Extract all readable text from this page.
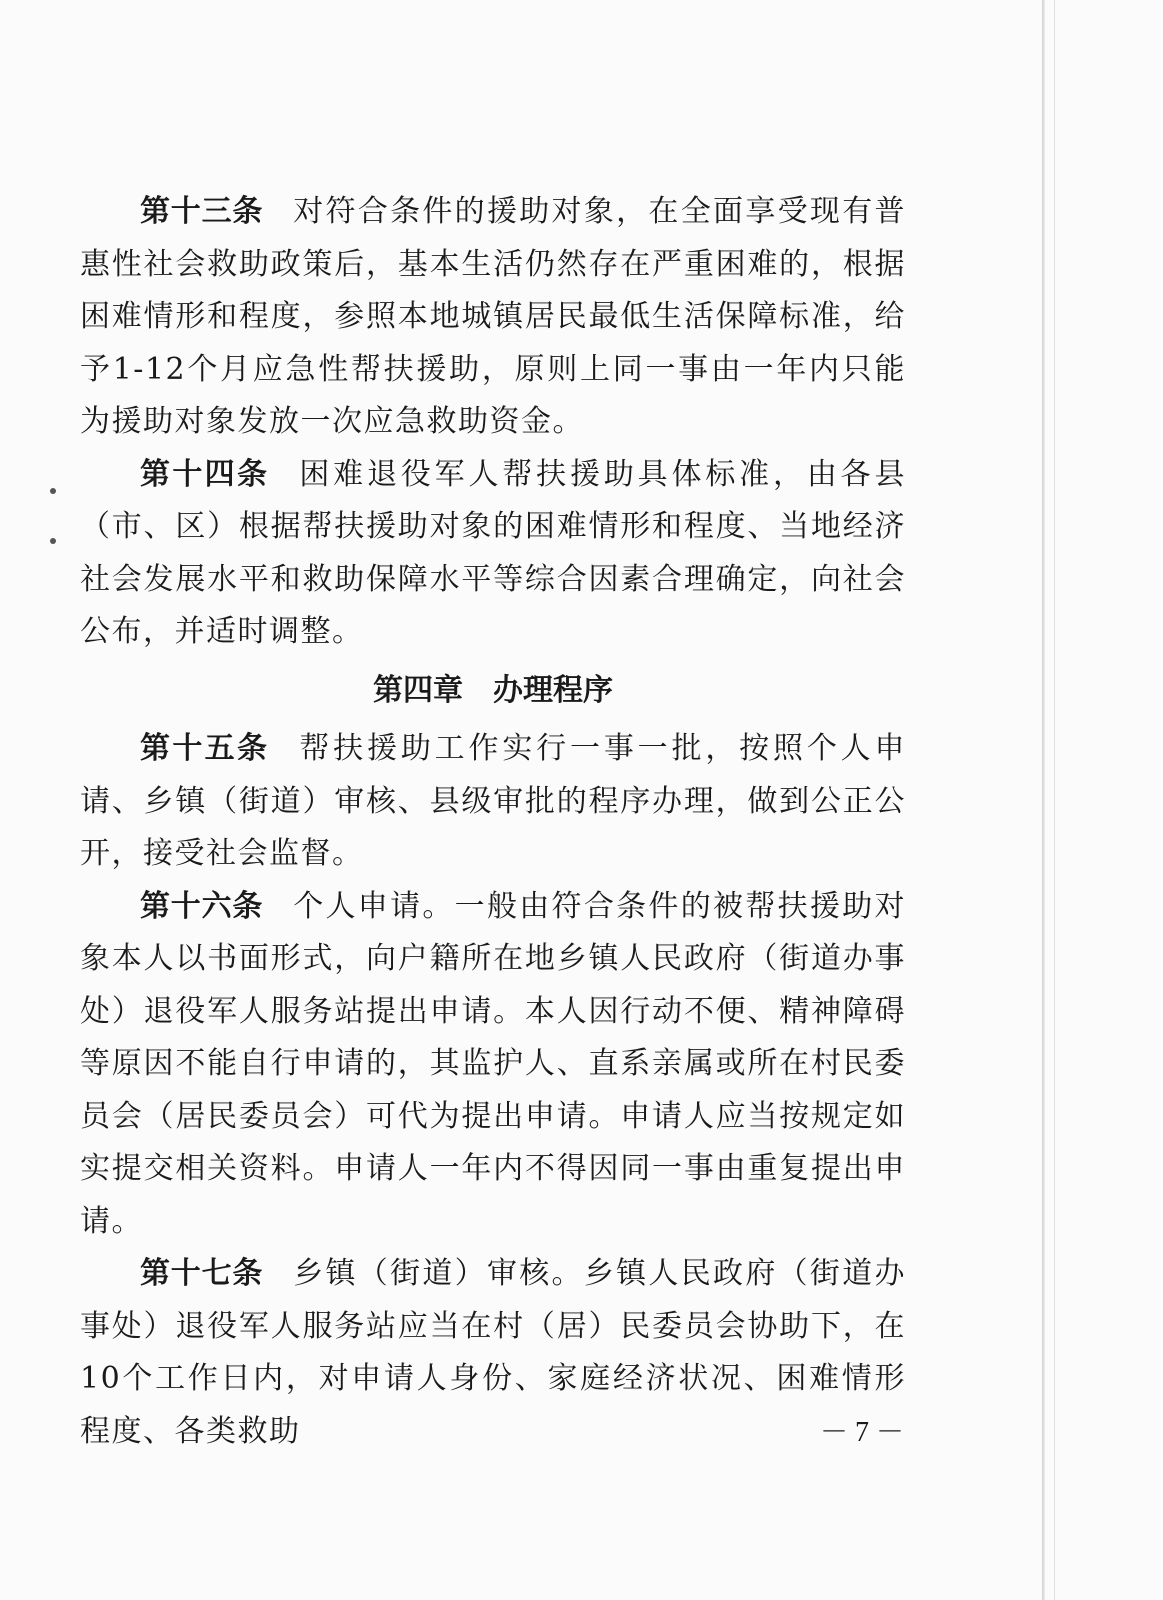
第十三条 对符合条件的援助对象，在全面享受现有普惠性社会救助政策后，基本生活仍然存在严重困难的，根据困难情形和程度，参照本地城镇居民最低生活保障标准，给予1-12个月应急性帮扶援助，原则上同一事由一年内只能为援助对象发放一次应急救助资金。

第十四条 困难退役军人帮扶援助具体标准，由各县（市、区）根据帮扶援助对象的困难情形和程度、当地经济社会发展水平和救助保障水平等综合因素合理确定，向社会公布，并适时调整。

第四章 办理程序

第十五条 帮扶援助工作实行一事一批，按照个人申请、乡镇（街道）审核、县级审批的程序办理，做到公正公开，接受社会监督。

第十六条 个人申请。一般由符合条件的被帮扶援助对象本人以书面形式，向户籍所在地乡镇人民政府（街道办事处）退役军人服务站提出申请。本人因行动不便、精神障碍等原因不能自行申请的，其监护人、直系亲属或所在村民委员会（居民委员会）可代为提出申请。申请人应当按规定如实提交相关资料。申请人一年内不得因同一事由重复提出申请。

第十七条 乡镇（街道）审核。乡镇人民政府（街道办事处）退役军人服务站应当在村（居）民委员会协助下，在10个工作日内，对申请人身份、家庭经济状况、困难情形程度、各类救助	－ 7 －
